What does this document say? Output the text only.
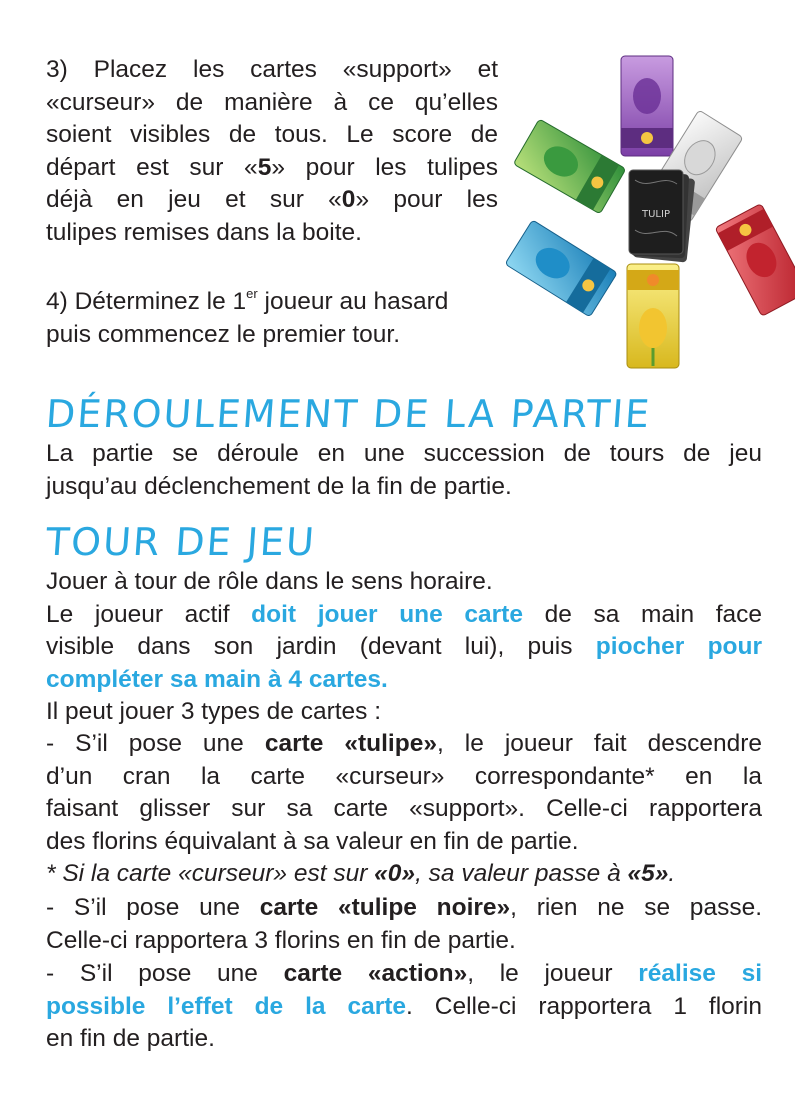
3) Placez les cartes «support» et
«curseur» de manière à ce qu’elles
soient visibles de tous. Le score de
départ est sur «5» pour les tulipes
déjà en jeu et sur «0» pour les
tulipes remises dans la boite.
4) Déterminez le 1er joueur au hasard
puis commencez le premier tour.
TULIP
DÉROULEMENT DE LA PARTIE
La partie se déroule en une succession de tours de jeu
jusqu’au déclenchement de la fin de partie.
TOUR DE JEU
Jouer à tour de rôle dans le sens horaire.
Le joueur actif doit jouer une carte de sa main face
visible dans son jardin (devant lui), puis piocher pour
compléter sa main à 4 cartes.
Il peut jouer 3 types de cartes :
- S’il pose une carte «tulipe», le joueur fait descendre
d’un cran la carte «curseur» correspondante* en la
faisant glisser sur sa carte «support». Celle-ci rapportera
des florins équivalant à sa valeur en fin de partie.
* Si la carte «curseur» est sur «0», sa valeur passe à «5».
- S’il pose une carte «tulipe noire», rien ne se passe.
Celle-ci rapportera 3 florins en fin de partie.
- S’il pose une carte «action», le joueur réalise si
possible l’effet de la carte. Celle-ci rapportera 1 florin
en fin de partie.
